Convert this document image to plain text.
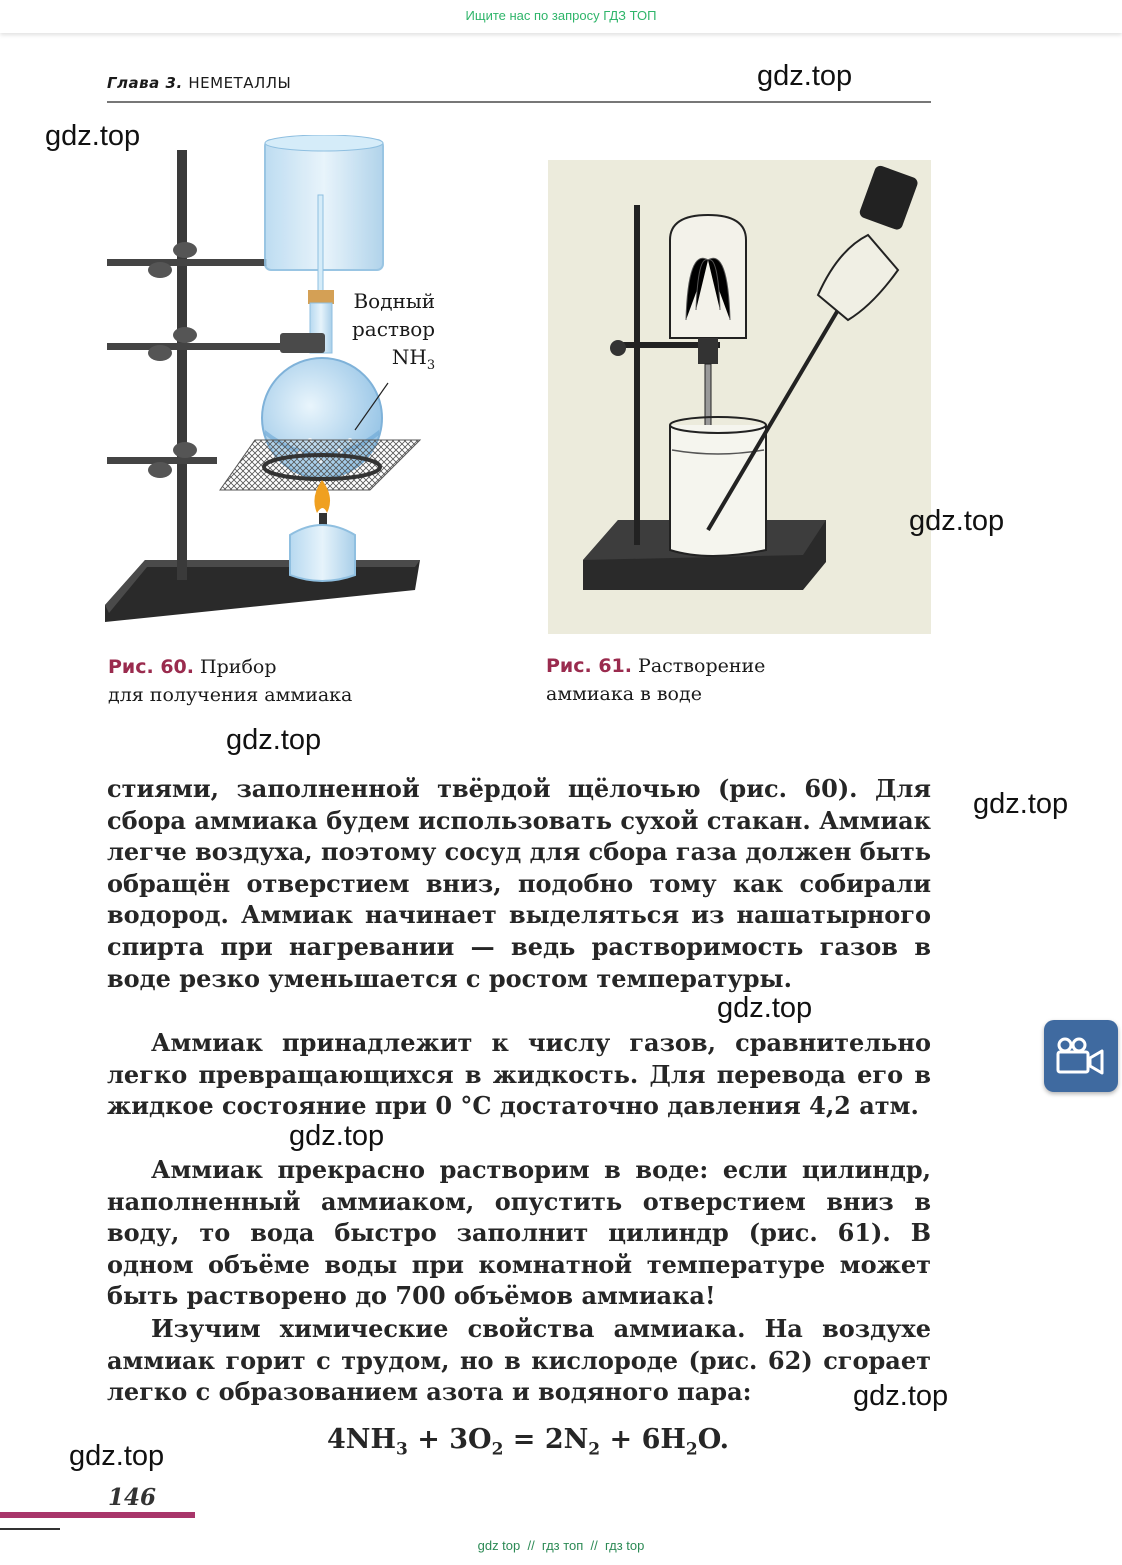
Ищите нас по запросу ГДЗ ТОП
Глава 3. НЕМЕТАЛЛЫ	gdz.top
gdz.top
Водный
раствор
$NH_3$
gdz.top
Рис. 60. Прибор
для получения аммиака
Рис. 61. Растворение
аммиака в воде
gdz.top
gdz.top
стиями, заполненной твёрдой щёлочью (рис. 60). Для сбора аммиака будем использовать сухой стакан. Аммиак легче воздуха, поэтому сосуд для сбора газа должен быть обращён отверстием вниз, подобно тому как собирали водород. Аммиак начинает выделяться из нашатырного спирта при нагревании — ведь растворимость газов в воде резко уменьшается с ростом температуры.
gdz.top
Аммиак принадлежит к числу газов, сравнительно легко превращающихся в жидкость. Для перевода его в жидкое состояние при 0 °C достаточно давления 4,2 атм.
gdz.top
Аммиак прекрасно растворим в воде: если цилиндр, наполненный аммиаком, опустить отверстием вниз в воду, то вода быстро заполнит цилиндр (рис. 61). В одном объёме воды при комнатной температуре может быть растворено до 700 объёмов аммиака!
Изучим химические свойства аммиака. На воздухе аммиак горит с трудом, но в кислороде (рис. 62) сгорает легко с образованием азота и водяного пара:	gdz.top
$4NH_3 + 3O_2 = 2N_2 + 6H_2O$.
gdz.top
146
gdz top  //  гдз топ  //  гдз top
